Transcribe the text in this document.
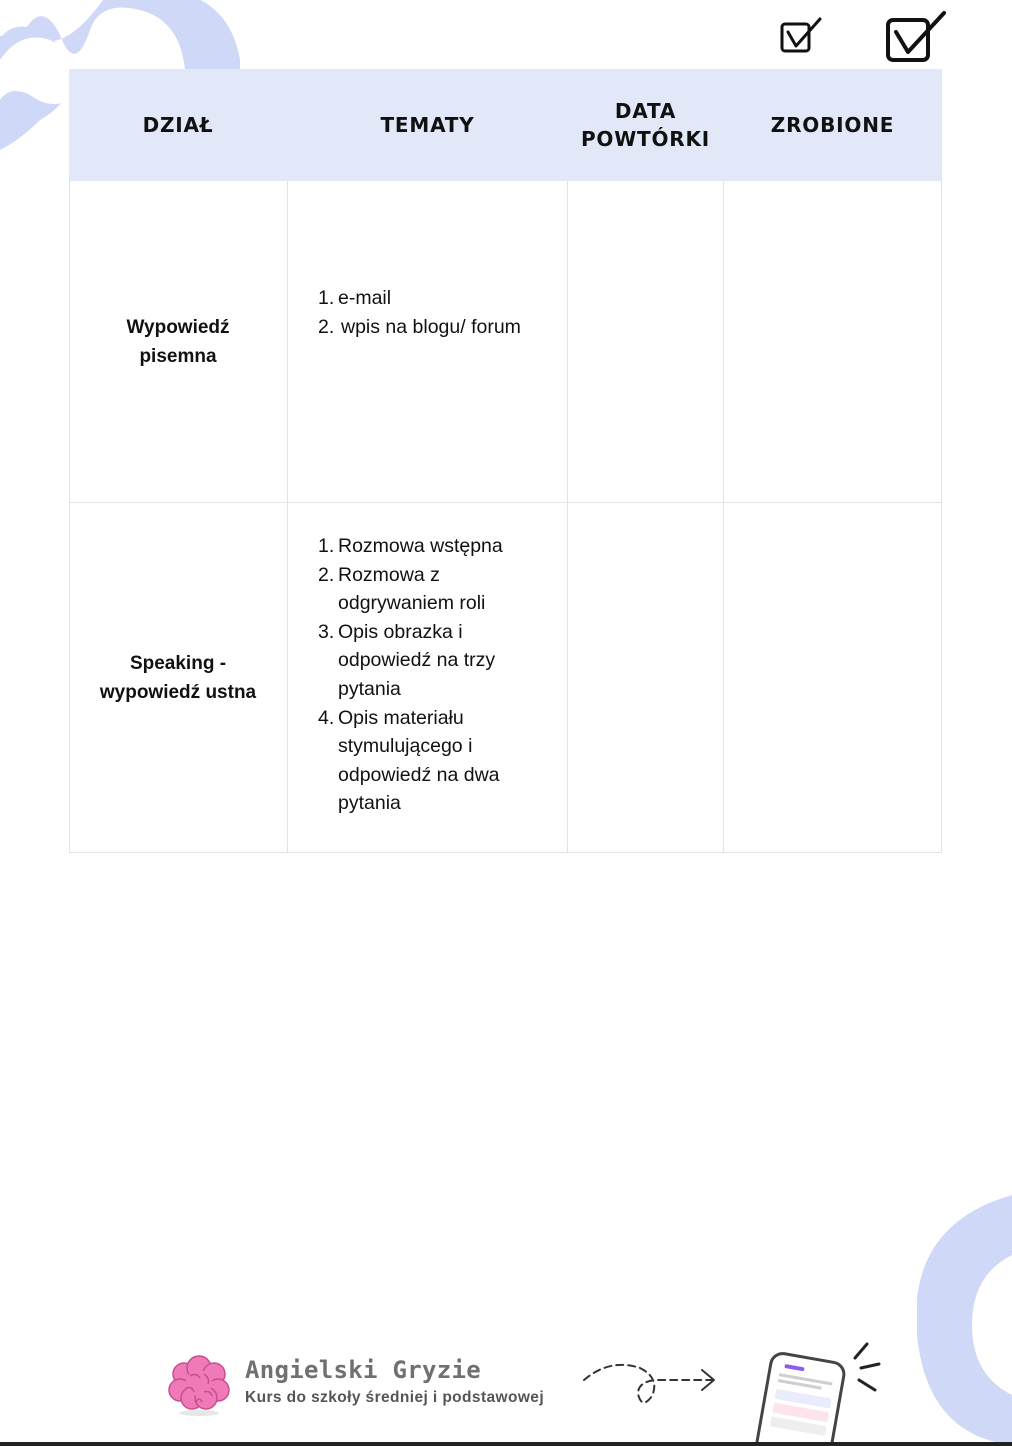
DZIAŁ	TEMATY
DATA
POWTÓRKI
ZROBIONE
Wypowiedź
pisemna
1. e-mail
2. wpis na blogu/ forum
Speaking -
wypowiedź ustna
1. Rozmowa wstępna
2. Rozmowa z odgrywaniem roli
3. Opis obrazka i odpowiedź na trzy pytania
4. Opis materiału stymulującego i odpowiedź na dwa pytania
Angielski Gryzie
Kurs do szkoły średniej i podstawowej
